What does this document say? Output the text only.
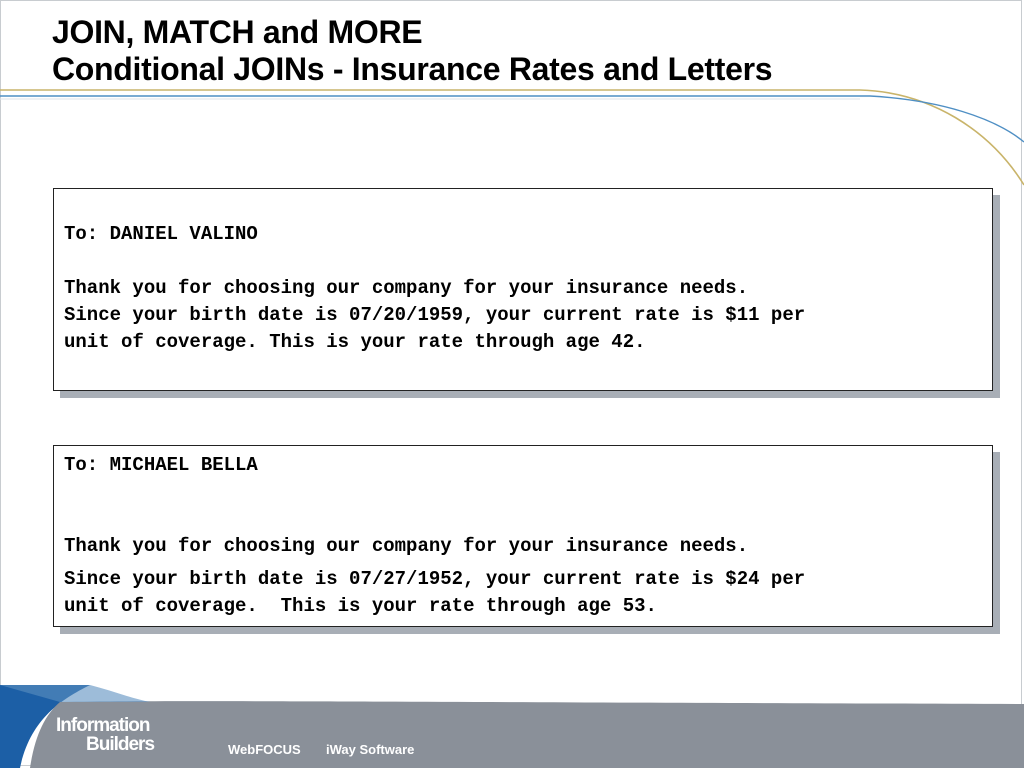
JOIN, MATCH and MORE
Conditional JOINs - Insurance Rates and Letters

To: DANIEL VALINO

Thank you for choosing our company for your insurance needs.

Since your birth date is 07/20/1959, your current rate is $11 per

unit of coverage. This is your rate through age 42.

To: MICHAEL BELLA

Thank you for choosing our company for your insurance needs.

Since your birth date is 07/27/1952, your current rate is $24 per

unit of coverage.  This is your rate through age 53.

Information
Builders	WebFOCUS iWay Software
